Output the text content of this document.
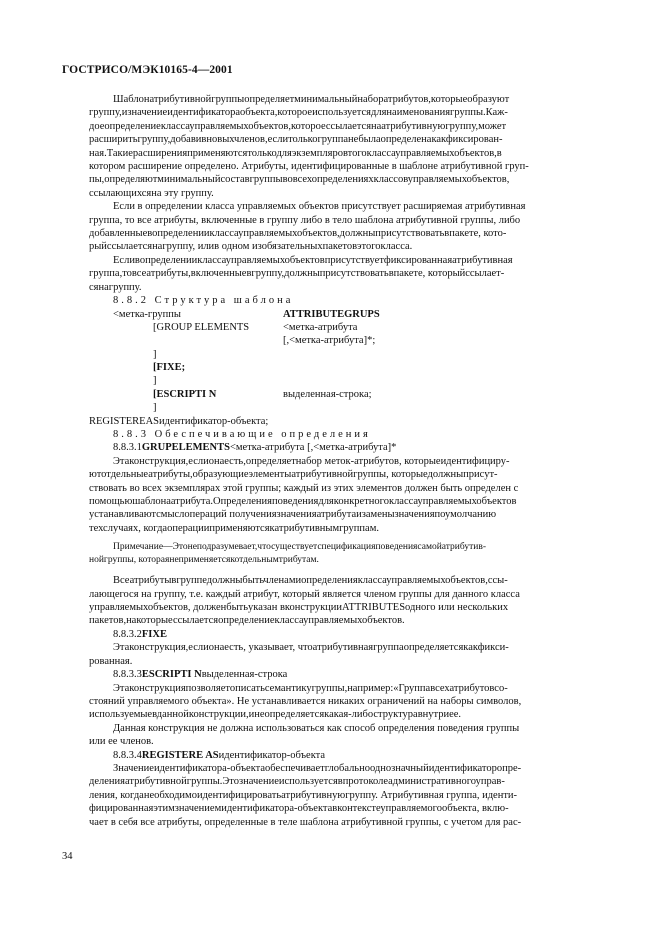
ГОСТРИСО/МЭК10165-4—2001
Шаблонатрибутивнойгруппыопределяетминимальныйнаборатрибутов,которыеобразуют
группу,изначениеидентификатораобъекта,котороеиспользуетсядлянаименованиягруппы.Каж-
доеопределениеклассауправляемыхобъектов,котороессылаетсянаатрибутивнуюгруппу,может
расширитьгруппу,добавивновыхчленов,еслитолькогруппанебылаопределенакакфиксирован-
ная.Такиерасширенияприменяютсятолькодляэкземпляровтогоклассауправляемыхобъектов,в
котором расширение определено. Атрибуты, идентифицированные в шаблоне атрибутивной груп-
пы,определяютминимальныйсоставгруппывовсехопределенияхклассовуправляемыхобъектов,
ссылающихсяна эту группу.
Если в определении класса управляемых объектов присутствует расширяемая атрибутивная
группа, то все атрибуты, включенные в группу либо в тело шаблона атрибутивной группы, либо
добавленныевопределенииклассауправляемыхобъектов,должныприсутствоватьвпакете, кото-
рыйссылаетсянагруппу, илив одном изобязательныхпакетовэтогокласса.
Есливопределенииклассауправляемыхобъектовприсутствуетфиксированнаяатрибутивная
группа,товсеатрибуты,включенныевгруппу,должныприсутствоватьвпакете, которыйссылает-
сянагруппу.
8.8.2 Структура шаблона
<метка-группы	ATTRIBUTEGRUPS
[GROUP ELEMENTS	<метка-атрибута
[,<метка-атрибута]*;
]
[FIXE;
]
[ESCRIPTI N	выделенная-строка;
]
REGISTEREASидентификатор-объекта;
8.8.3 Обеспечивающие определения
8.8.3.1GRUPELEMENTS<метка-атрибута [,<метка-атрибута]*
Этаконструкция,еслионаесть,определяетнабор меток-атрибутов, которыеидентифициру-
ютотдельныеатрибуты,образующиеэлементыатрибутивнойгруппы, которыедолжныприсут-
ствовать во всех экземплярах этой группы; каждый из этих элементов должен быть определен с
помощьюшаблонаатрибута.Определенияповедениядляконкретногоклассауправляемыхобъектов
устанавливаютсмыслопераций получениязначенияатрибутаизаменызначенияпоумолчанию
техслучаях, когдаоперацииприменяютсякатрибутивнымгруппам.
Примечание—Этонеподразумевает,чтосуществуетспецификацияповедениясамойатрибутив-
нойгруппы, котораянеприменяетсякотдельнымтрибутам.
Всеатрибутывгруппедолжныбытьчленамиопределенияклассауправляемыхобъектов,ссы-
лающегося на группу, т.е. каждый атрибут, который является членом группы для данного класса
управляемыхобъектов, долженбытьуказан вконструкцииATTRIBUTESодного или нескольких
пакетов,накоторыессылаетсяопределениеклассауправляемыхобъектов.
8.8.3.2FIXE
Этаконструкция,еслионаесть, указывает, чтоатрибутивнаягруппаопределяетсякакфикси-
рованная.
8.8.3.3ESCRIPTI Nвыделенная-строка
Этаконструкцияпозволяетописатьсемантикугруппы,например:«Группавсехатрибутовсо-
стояний управляемого объекта». Не устанавливается никаких ограничений на наборы символов,
используемыевданнойконструкции,инеопределяетсякакая-либоструктуравнутриее.
Данная конструкция не должна использоваться как способ определения поведения группы
или ее членов.
8.8.3.4REGISTERE ASидентификатор-объекта
Значениеидентификатора-объектаобеспечиваетглобальнооднозначныйидентификаторопре-
деленияатрибутивнойгруппы.Этозначениеиспользуетсявпротоколеадминистративногоуправ-
ления, когданеобходимоидентифицироватьатрибутивнуюгруппу. Атрибутивная группа, иденти-
фицированнаяэтимзначениемидентификатора-объектавконтекстеуправляемогообъекта, вклю-
чает в себя все атрибуты, определенные в теле шаблона атрибутивной группы, с учетом для рас-
34
